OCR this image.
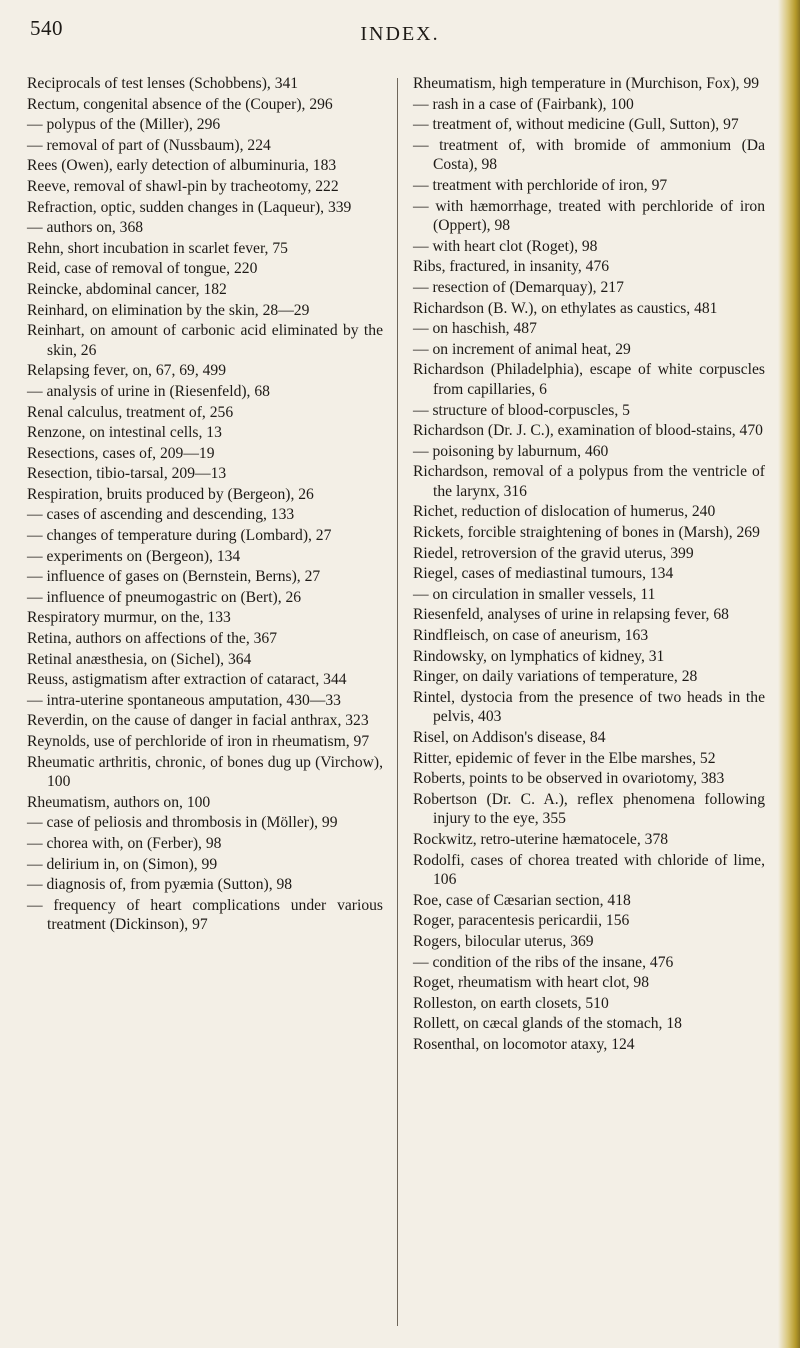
540	INDEX.
Reciprocals of test lenses (Schobbens), 341
Rectum, congenital absence of the (Couper), 296
— polypus of the (Miller), 296
— removal of part of (Nussbaum), 224
Rees (Owen), early detection of albuminuria, 183
Reeve, removal of shawl-pin by tracheotomy, 222
Refraction, optic, sudden changes in (Laqueur), 339
— authors on, 368
Rehn, short incubation in scarlet fever, 75
Reid, case of removal of tongue, 220
Reincke, abdominal cancer, 182
Reinhard, on elimination by the skin, 28—29
Reinhart, on amount of carbonic acid eliminated by the skin, 26
Relapsing fever, on, 67, 69, 499
— analysis of urine in (Riesenfeld), 68
Renal calculus, treatment of, 256
Renzone, on intestinal cells, 13
Resections, cases of, 209—19
Resection, tibio-tarsal, 209—13
Respiration, bruits produced by (Bergeon), 26
— cases of ascending and descending, 133
— changes of temperature during (Lombard), 27
— experiments on (Bergeon), 134
— influence of gases on (Bernstein, Berns), 27
— influence of pneumogastric on (Bert), 26
Respiratory murmur, on the, 133
Retina, authors on affections of the, 367
Retinal anæsthesia, on (Sichel), 364
Reuss, astigmatism after extraction of cataract, 344
— intra-uterine spontaneous amputation, 430—33
Reverdin, on the cause of danger in facial anthrax, 323
Reynolds, use of perchloride of iron in rheumatism, 97
Rheumatic arthritis, chronic, of bones dug up (Virchow), 100
Rheumatism, authors on, 100
— case of peliosis and thrombosis in (Möller), 99
— chorea with, on (Ferber), 98
— delirium in, on (Simon), 99
— diagnosis of, from pyæmia (Sutton), 98
— frequency of heart complications under various treatment (Dickinson), 97
Rheumatism, high temperature in (Murchison, Fox), 99
— rash in a case of (Fairbank), 100
— treatment of, without medicine (Gull, Sutton), 97
— treatment of, with bromide of ammonium (Da Costa), 98
— treatment with perchloride of iron, 97
— with hæmorrhage, treated with perchloride of iron (Oppert), 98
— with heart clot (Roget), 98
Ribs, fractured, in insanity, 476
— resection of (Demarquay), 217
Richardson (B. W.), on ethylates as caustics, 481
— on haschish, 487
— on increment of animal heat, 29
Richardson (Philadelphia), escape of white corpuscles from capillaries, 6
— structure of blood-corpuscles, 5
Richardson (Dr. J. C.), examination of blood-stains, 470
— poisoning by laburnum, 460
Richardson, removal of a polypus from the ventricle of the larynx, 316
Richet, reduction of dislocation of humerus, 240
Rickets, forcible straightening of bones in (Marsh), 269
Riedel, retroversion of the gravid uterus, 399
Riegel, cases of mediastinal tumours, 134
— on circulation in smaller vessels, 11
Riesenfeld, analyses of urine in relapsing fever, 68
Rindfleisch, on case of aneurism, 163
Rindowsky, on lymphatics of kidney, 31
Ringer, on daily variations of temperature, 28
Rintel, dystocia from the presence of two heads in the pelvis, 403
Risel, on Addison's disease, 84
Ritter, epidemic of fever in the Elbe marshes, 52
Roberts, points to be observed in ovariotomy, 383
Robertson (Dr. C. A.), reflex phenomena following injury to the eye, 355
Rockwitz, retro-uterine hæmatocele, 378
Rodolfi, cases of chorea treated with chloride of lime, 106
Roe, case of Cæsarian section, 418
Roger, paracentesis pericardii, 156
Rogers, bilocular uterus, 369
— condition of the ribs of the insane, 476
Roget, rheumatism with heart clot, 98
Rolleston, on earth closets, 510
Rollett, on cæcal glands of the stomach, 18
Rosenthal, on locomotor ataxy, 124
